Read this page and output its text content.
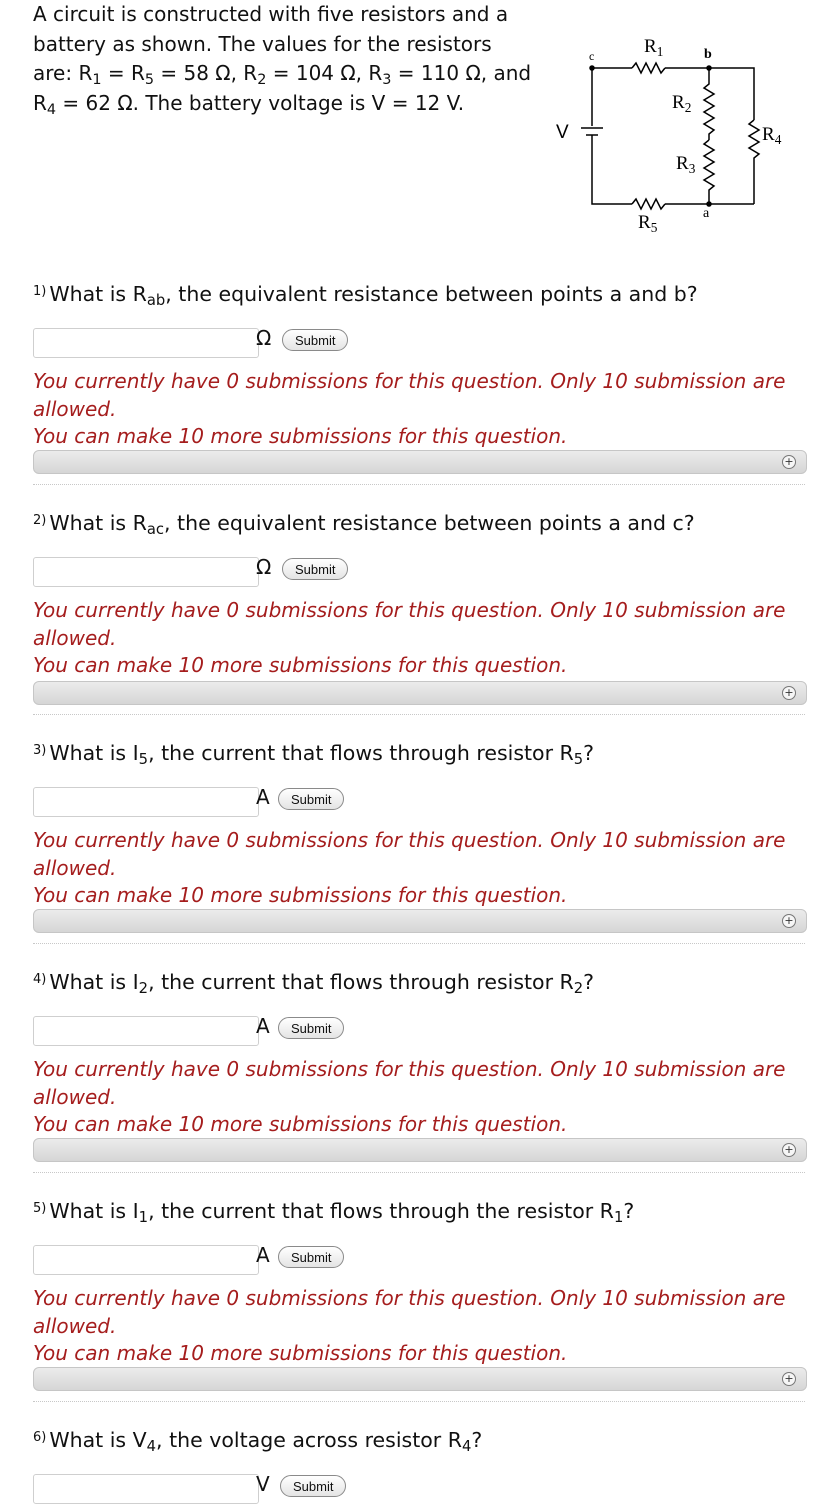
A circuit is constructed with five resistors and a
battery as shown. The values for the resistors
are: $R_1 = R_5 = 58$ Ω, $R_2 = 104$ Ω, $R_3 = 110$ Ω, and
$R_4 = 62$ Ω. The battery voltage is V = 12 V.
c	b
a
V
$R_1$
$R_2$
$R_3$
$R_4$
$R_5$
$^{1)}$ What is $R_{ab}$, the equivalent resistance between points a and b?
Ω	Submit
You currently have 0 submissions for this question. Only 10 submission are
allowed.
You can make 10 more submissions for this question.
+
$^{2)}$ What is $R_{ac}$, the equivalent resistance between points a and c?
Ω	Submit
You currently have 0 submissions for this question. Only 10 submission are
allowed.
You can make 10 more submissions for this question.
+
$^{3)}$ What is $I_5$, the current that flows through resistor $R_5$?
A	Submit
You currently have 0 submissions for this question. Only 10 submission are
allowed.
You can make 10 more submissions for this question.
+
$^{4)}$ What is $I_2$, the current that flows through resistor $R_2$?
A	Submit
You currently have 0 submissions for this question. Only 10 submission are
allowed.
You can make 10 more submissions for this question.
+
$^{5)}$ What is $I_1$, the current that flows through the resistor $R_1$?
A	Submit
You currently have 0 submissions for this question. Only 10 submission are
allowed.
You can make 10 more submissions for this question.
+
$^{6)}$ What is $V_4$, the voltage across resistor $R_4$?
V	Submit
